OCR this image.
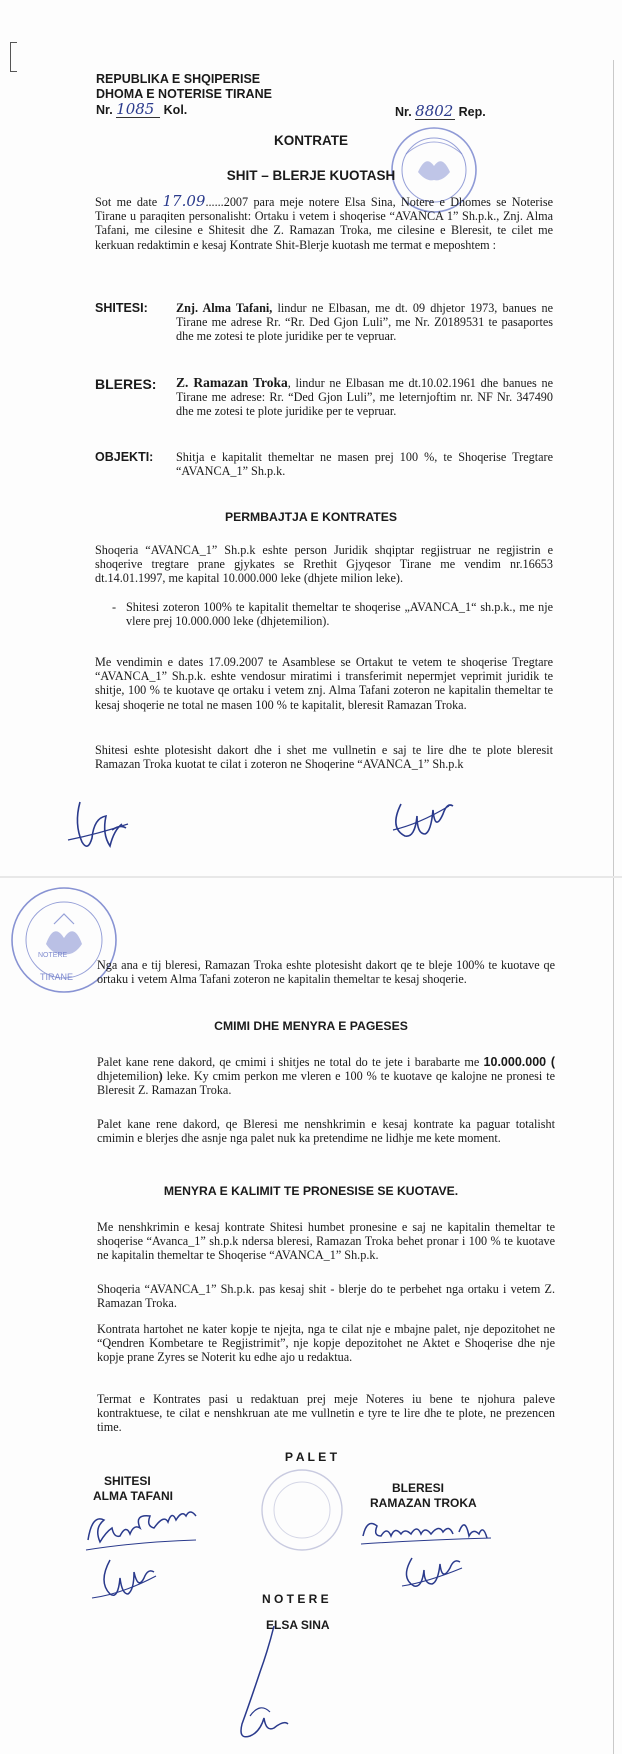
REPUBLIKA E SHQIPERISE
DHOMA E NOTERISE TIRANE
Nr. 1085 Kol.	Nr. 8802 Rep.
KONTRATE
SHIT – BLERJE KUOTASH
Sot me date 17.09......2007 para meje notere Elsa Sina, Notere e Dhomes se Noterise Tirane u paraqiten personalisht: Ortaku i vetem i shoqerise “AVANCA 1” Sh.p.k., Znj. Alma Tafani, me cilesine e Shitesit dhe Z. Ramazan Troka, me cilesine e Bleresit, te cilet me kerkuan redaktimin e kesaj Kontrate Shit-Blerje kuotash me termat e meposhtem :
SHITESI: Znj. Alma Tafani, lindur ne Elbasan, me dt. 09 dhjetor 1973, banues ne Tirane me adrese Rr. “Rr. Ded Gjon Luli”, me Nr. Z0189531 te pasaportes dhe me zotesi te plote juridike per te vepruar.
BLERES: Z. Ramazan Troka, lindur ne Elbasan me dt.10.02.1961 dhe banues ne Tirane me adrese: Rr. “Ded Gjon Luli”, me leternjoftim nr. NF Nr. 347490 dhe me zotesi te plote juridike per te vepruar.
OBJEKTI: Shitja e kapitalit themeltar ne masen prej 100 %, te Shoqerise Tregtare “AVANCA_1” Sh.p.k.
PERMBAJTJA E KONTRATES
Shoqeria “AVANCA_1” Sh.p.k eshte person Juridik shqiptar regjistruar ne regjistrin e shoqerive tregtare prane gjykates se Rrethit Gjyqesor Tirane me vendim nr.16653 dt.14.01.1997, me kapital 10.000.000 leke (dhjete milion leke).
- Shitesi zoteron 100% te kapitalit themeltar te shoqerise „AVANCA_1“ sh.p.k., me nje vlere prej 10.000.000 leke (dhjetemilion).
Me vendimin e dates 17.09.2007 te Asamblese se Ortakut te vetem te shoqerise Tregtare “AVANCA_1” Sh.p.k. eshte vendosur miratimi i transferimit nepermjet veprimit juridik te shitje, 100 % te kuotave qe ortaku i vetem znj. Alma Tafani zoteron ne kapitalin themeltar te kesaj shoqerie ne total ne masen 100 % te kapitalit, bleresit Ramazan Troka.
Shitesi eshte plotesisht dakort dhe i shet me vullnetin e saj te lire dhe te plote bleresit Ramazan Troka kuotat te cilat i zoteron ne Shoqerine “AVANCA_1” Sh.p.k
TIRANE
NOTERE
Nga ana e tij bleresi, Ramazan Troka eshte plotesisht dakort qe te bleje 100% te kuotave qe ortaku i vetem Alma Tafani zoteron ne kapitalin themeltar te kesaj shoqerie.
CMIMI DHE MENYRA E PAGESES
Palet kane rene dakord, qe cmimi i shitjes ne total do te jete i barabarte me 10.000.000 ( dhjetemilion) leke. Ky cmim perkon me vleren e 100 % te kuotave qe kalojne ne pronesi te Bleresit Z. Ramazan Troka.
Palet kane rene dakord, qe Bleresi me nenshkrimin e kesaj kontrate ka paguar totalisht cmimin e blerjes dhe asnje nga palet nuk ka pretendime ne lidhje me kete moment.
MENYRA E KALIMIT TE PRONESISE SE KUOTAVE.
Me nenshkrimin e kesaj kontrate Shitesi humbet pronesine e saj ne kapitalin themeltar te shoqerise “Avanca_1” sh.p.k ndersa bleresi, Ramazan Troka behet pronar i 100 % te kuotave ne kapitalin themeltar te Shoqerise “AVANCA_1” Sh.p.k.
Shoqeria “AVANCA_1” Sh.p.k. pas kesaj shit - blerje do te perbehet nga ortaku i vetem Z. Ramazan Troka.
Kontrata hartohet ne kater kopje te njejta, nga te cilat nje e mbajne palet, nje depozitohet ne “Qendren Kombetare te Regjistrimit”, nje kopje depozitohet ne Aktet e Shoqerise dhe nje kopje prane Zyres se Noterit ku edhe ajo u redaktua.
Termat e Kontrates pasi u redaktuan prej meje Noteres iu bene te njohura paleve kontraktuese, te cilat e nenshkruan ate me vullnetin e tyre te lire dhe te plote, ne prezencen time.
P A L E T
SHITESI
ALMA TAFANI
BLERESI
RAMAZAN TROKA
N O T E R E
ELSA SINA
